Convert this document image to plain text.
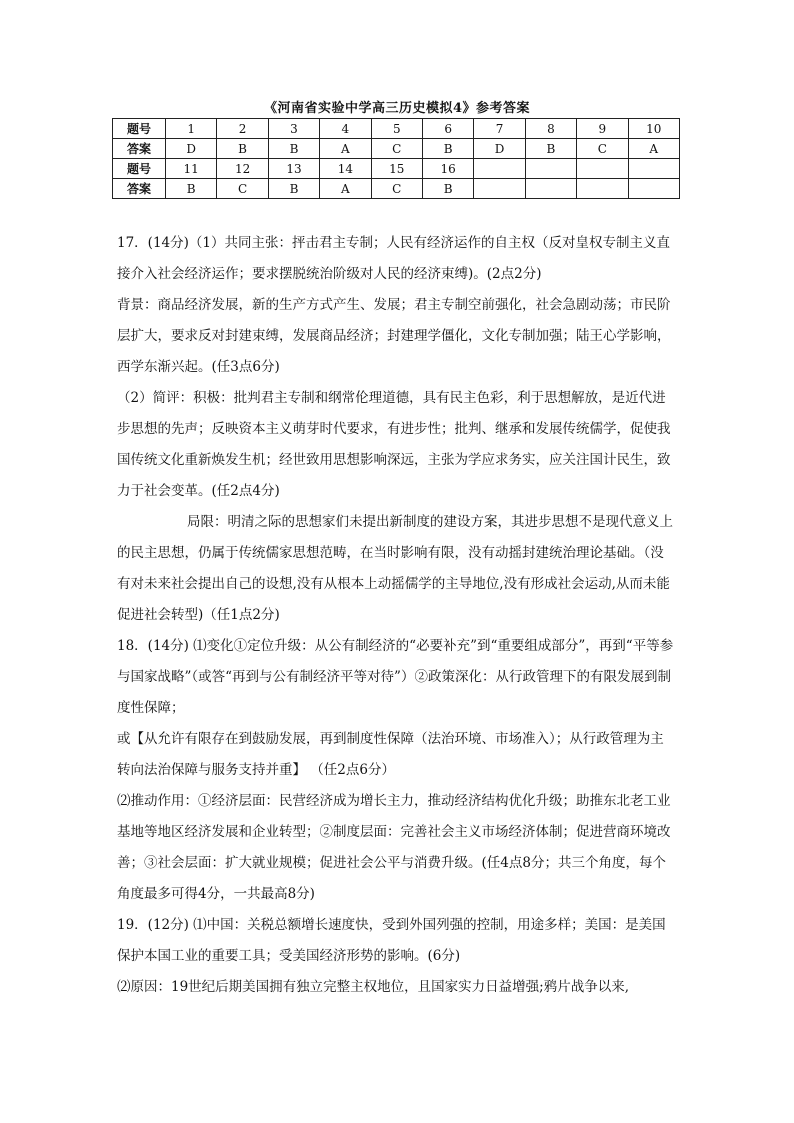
《河南省实验中学高三历史模拟4》参考答案
题号	1	2	3	4	5	6	7	8	9	10
答案	D	B	B	A	C	B	D	B	C	A
题号	11	12	13	14	15	16				
答案	B	C	B	A	C	B				

17．(14分)（1）共同主张：抨击君主专制；人民有经济运作的自主权（反对皇权专制主义直接介入社会经济运作；要求摆脱统治阶级对人民的经济束缚)。(2点2分)

背景：商品经济发展，新的生产方式产生、发展；君主专制空前强化，社会急剧动荡；市民阶层扩大，要求反对封建束缚，发展商品经济；封建理学僵化，文化专制加强；陆王心学影响，西学东渐兴起。(任3点6分)

（2）简评：积极：批判君主专制和纲常伦理道德，具有民主色彩，利于思想解放，是近代进步思想的先声；反映资本主义萌芽时代要求，有进步性；批判、继承和发展传统儒学，促使我国传统文化重新焕发生机；经世致用思想影响深远，主张为学应求务实，应关注国计民生，致力于社会变革。(任2点4分)

局限：明清之际的思想家们未提出新制度的建设方案，其进步思想不是现代意义上的民主思想，仍属于传统儒家思想范畴，在当时影响有限，没有动摇封建统治理论基础。（没有对未来社会提出自己的设想,没有从根本上动摇儒学的主导地位,没有形成社会运动,从而未能促进社会转型)（任1点2分)

18．(14分) ⑴变化①定位升级：从公有制经济的“必要补充”到“重要组成部分”，再到“平等参与国家战略”（或答“再到与公有制经济平等对待”）②政策深化：从行政管理下的有限发展到制度性保障；

或【从允许有限存在到鼓励发展，再到制度性保障（法治环境、市场准入）；从行政管理为主转向法治保障与服务支持并重】 （任2点6分）

⑵推动作用：①经济层面：民营经济成为增长主力，推动经济结构优化升级；助推东北老工业基地等地区经济发展和企业转型；②制度层面：完善社会主义市场经济体制；促进营商环境改善；③社会层面：扩大就业规模；促进社会公平与消费升级。(任4点8分；共三个角度，每个角度最多可得4分，一共最高8分)

19．(12分) ⑴中国：关税总额增长速度快，受到外国列强的控制，用途多样；美国：是美国保护本国工业的重要工具；受美国经济形势的影响。(6分)

⑵原因：19世纪后期美国拥有独立完整主权地位，且国家实力日益增强;鸦片战争以来,
